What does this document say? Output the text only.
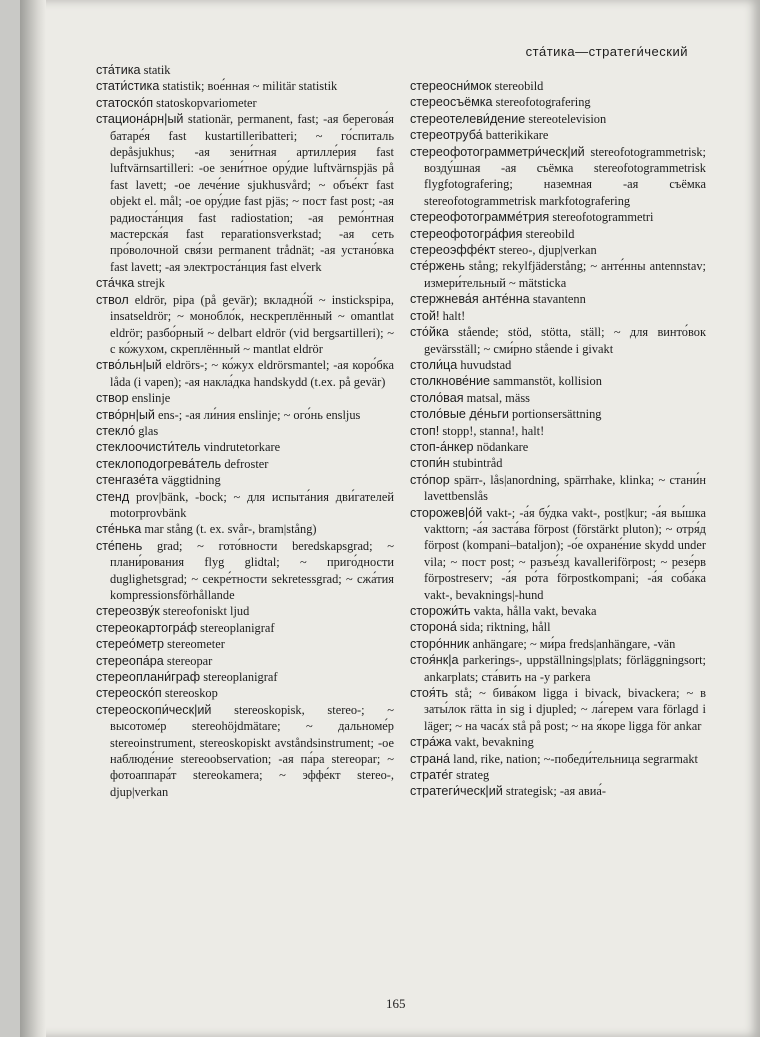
ста́тика—стратеги́ческий

ста́тика statik

стати́стика statistik; вое́нная ~ militär statistik

статоско́п statoskopvariometer

стациона́рн|ый stationär, permanent, fast; -ая берегова́я батаре́я fast kustartilleribatteri; ~ го́спиталь depåsjukhus; -ая зени́тная артилле́рия fast luftvärnsartilleri: -ое зени́тное ору́дие luftvärnspjäs på fast lavett; -ое лече́ние sjukhusvård; ~ объе́кт fast objekt el. mål; -ое ору́дие fast pjäs; ~ пост fast post; -ая радиоста́нция fast radiostation; -ая ремо́нтная мастерска́я fast reparationsverkstad; -ая сеть про́волочной свя́зи permanent trådnät; -ая устано́вка fast lavett; -ая электроста́нция fast elverk

ста́чка strejk

ствол eldrör, pipa (på gevär); вкладно́й ~ instickspipa, insatseldrör; ~ монобло́к, нескреплённый ~ omantlat eldrör; разбо́рный ~ delbart eldrör (vid bergsartilleri); ~ с ко́жухом, скреплённый ~ mantlat eldrör

ство́льн|ый eldrörs-; ~ ко́жух eldrörsmantel; -ая коро́бка låda (i vapen); -ая накла́дка handskydd (t.ex. på gevär)

створ enslinje

ство́рн|ый ens-; -ая ли́ния enslinje; ~ ого́нь ensljus

стекло́ glas

стеклоочисти́тель vindrutetorkare

стеклоподогрева́тель defroster

стенгазе́та väggtidning

стенд prov|bänk, -bock; ~ для испыта́ния дви́гателей motorprovbänk

сте́нька mar stång (t. ex. svår-, bram|stång)

сте́пень grad; ~ гото́вности beredskapsgrad; ~ плани́рования flyg glidtal; ~ приго́дности duglighetsgrad; ~ секре́тности sekretessgrad; ~ сжа́тия kompressionsförhållande

стереозву́к stereofoniskt ljud

стереокартогра́ф stereoplanigraf

стерео́метр stereometer

стереопа́ра stereopar

стереоплани́граф stereoplanigraf

стереоско́п stereoskop

стереоскопи́ческ|ий stereoskopisk, stereo-; ~ высотоме́р stereohöjdmätare; ~ дальноме́р stereoinstrument, stereoskopiskt avståndsinstrument; -ое наблюде́ние stereoobservation; -ая па́ра stereopar; ~ фотоаппара́т stereokamera; ~ эффе́кт stereo-, djup|verkan

стереосни́мок stereobild

стереосъёмка stereofotografering

стереотелеви́дение stereotelevision

стереотруба́ batterikikare

стереофотограмметри́ческ|ий stereofotogrammetrisk; возду́шная -ая съёмка stereofotogrammetrisk flygfotografering; наземная -ая съёмка stereofotogrammetrisk markfotografering

стереофотограмме́трия stereofotogrammetri

стереофотогра́фия stereobild

стереоэффе́кт stereo-, djup|verkan

сте́ржень stång; rekylfjäderstång; ~ анте́нны antennstav; измери́тельный ~ mätsticka

стержнева́я анте́нна stavantenn

стой! halt!

сто́йка stående; stöd, stötta, ställ; ~ для винто́вок gevärsställ; ~ сми́рно stående i givakt

столи́ца huvudstad

столкнове́ние sammanstöt, kollision

столо́вая matsal, mäss

столо́вые де́ньги portionsersättning

стоп! stopp!, stanna!, halt!

стоп-а́нкер nödankare

стопи́н stubintråd

сто́пор spärr-, lås|anordning, spärrhake, klinka; ~ стани́н lavettbenslås

сторожев|о́й vakt-; -а́я бу́дка vakt-, post|kur; -а́я вы́шка vakttorn; -а́я заста́ва förpost (förstärkt pluton); ~ отря́д förpost (kompani–bataljon); -о́е охране́ние skydd under vila; ~ пост post; ~ разъе́зд kavalleriförpost; ~ резе́рв förpostreserv; -а́я ро́та förpostkompani; -а́я соба́ка vakt-, bevaknings|-hund

сторожи́ть vakta, hålla vakt, bevaka

сторона́ sida; riktning, håll

сторо́нник anhängare; ~ ми́ра freds|anhängare, -vän

стоя́нк|а parkerings-, uppställnings|plats; förläggningsort; ankarplats; ста́вить на -у parkera

стоя́ть stå; ~ бива́ком ligga i bivack, bivackera; ~ в заты́лок rätta in sig i djupled; ~ ла́герем vara förlagd i läger; ~ на часа́х stå på post; ~ на я́коре ligga för ankar

стра́жа vakt, bevakning

страна́ land, rike, nation; ~-победи́тельница segrarmakt

страте́г strateg

стратеги́ческ|ий strategisk; -ая авиа́-

165
